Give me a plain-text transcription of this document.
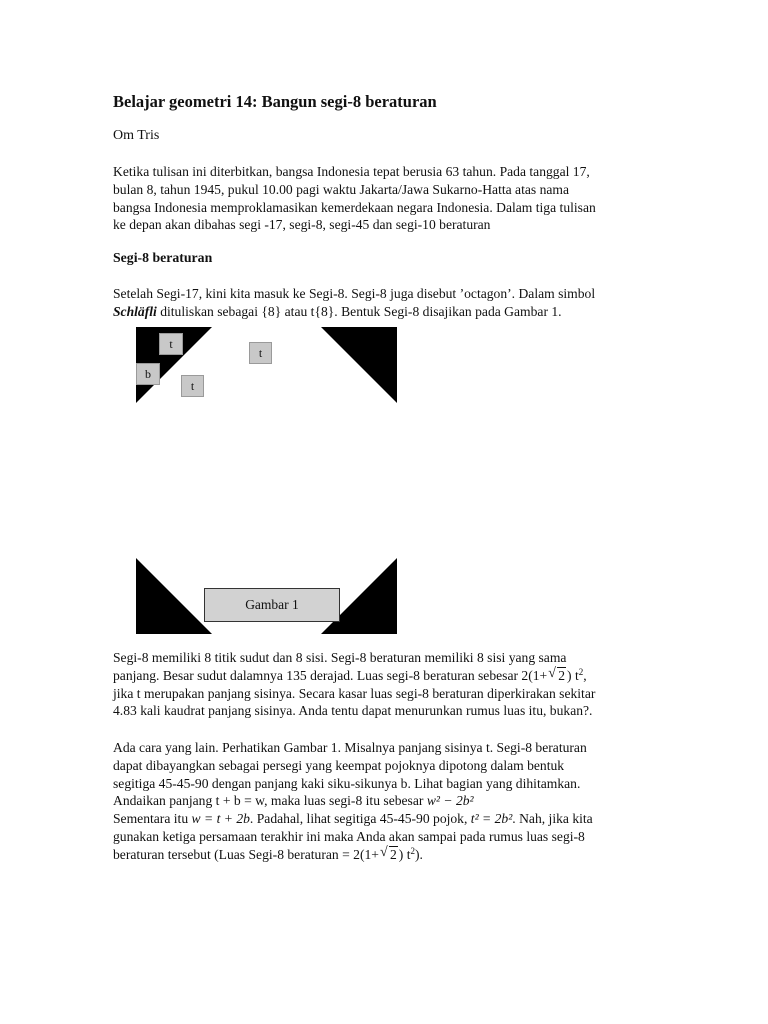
Belajar geometri 14: Bangun segi-8 beraturan

Om Tris

Ketika tulisan ini diterbitkan, bangsa Indonesia tepat berusia 63 tahun. Pada tanggal 17,
bulan 8, tahun 1945, pukul 10.00 pagi waktu Jakarta/Jawa Sukarno-Hatta atas nama
bangsa Indonesia memproklamasikan kemerdekaan negara Indonesia. Dalam tiga tulisan
ke depan akan dibahas segi -17, segi-8, segi-45 dan segi-10 beraturan

Segi-8 beraturan

Setelah Segi-17, kini kita masuk ke Segi-8. Segi-8 juga disebut ’octagon’. Dalam simbol
Schläfli dituliskan sebagai {8} atau t{8}. Bentuk Segi-8 disajikan pada Gambar 1.

t
t
b
t
Gambar 1

Segi-8 memiliki 8 titik sudut dan 8 sisi. Segi-8 beraturan memiliki 8 sisi yang sama
panjang. Besar sudut dalamnya 135 derajad. Luas segi-8 beraturan sebesar 2(1+ √ 2 ) $t^2$,
jika t merupakan panjang sisinya. Secara kasar luas segi-8 beraturan diperkirakan sekitar
4.83 kali kaudrat panjang sisinya. Anda tentu dapat menurunkan rumus luas itu, bukan?.

Ada cara yang lain. Perhatikan Gambar 1. Misalnya panjang sisinya t. Segi-8 beraturan
dapat dibayangkan sebagai persegi yang keempat pojoknya dipotong dalam bentuk
segitiga 45-45-90 dengan panjang kaki siku-sikunya b. Lihat bagian yang dihitamkan.
Andaikan panjang t + b = w, maka luas segi-8 itu sebesar w² − 2b²
Sementara itu w = t + 2b. Padahal, lihat segitiga 45-45-90 pojok, t² = 2b². Nah, jika kita
gunakan ketiga persamaan terakhir ini maka Anda akan sampai pada rumus luas segi-8
beraturan tersebut (Luas Segi-8 beraturan = 2(1+ √ 2 ) $t^2$).
